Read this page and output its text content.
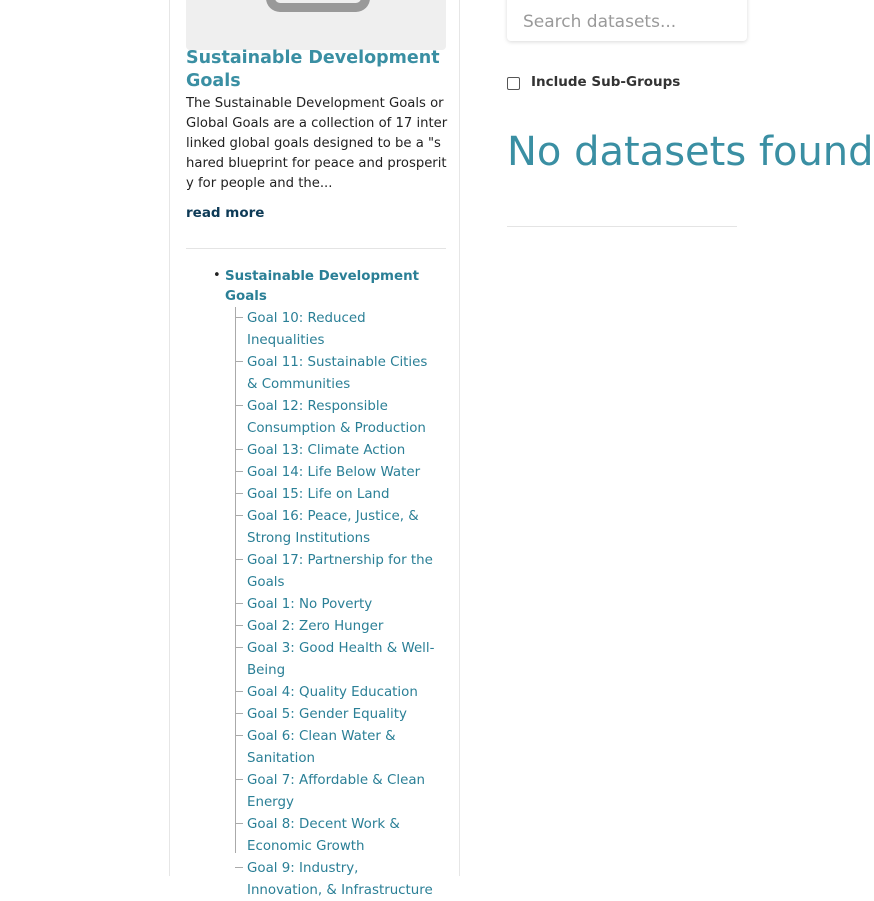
Sustainable Development Goals

The Sustainable Development Goals or Global Goals are a collection of 17 interlinked global goals designed to be a "shared blueprint for peace and prosperity for people and the...

read more
• Sustainable Development Goals
Goal 10: Reduced Inequalities
Goal 11: Sustainable Cities & Communities
Goal 12: Responsible Consumption & Production
Goal 13: Climate Action
Goal 14: Life Below Water
Goal 15: Life on Land
Goal 16: Peace, Justice, & Strong Institutions
Goal 17: Partnership for the Goals
Goal 1: No Poverty
Goal 2: Zero Hunger
Goal 3: Good Health & Well-Being
Goal 4: Quality Education
Goal 5: Gender Equality
Goal 6: Clean Water & Sanitation
Goal 7: Affordable & Clean Energy
Goal 8: Decent Work & Economic Growth
Goal 9: Industry, Innovation, & Infrastructure
Search datasets...
Include Sub-Groups
No datasets found
